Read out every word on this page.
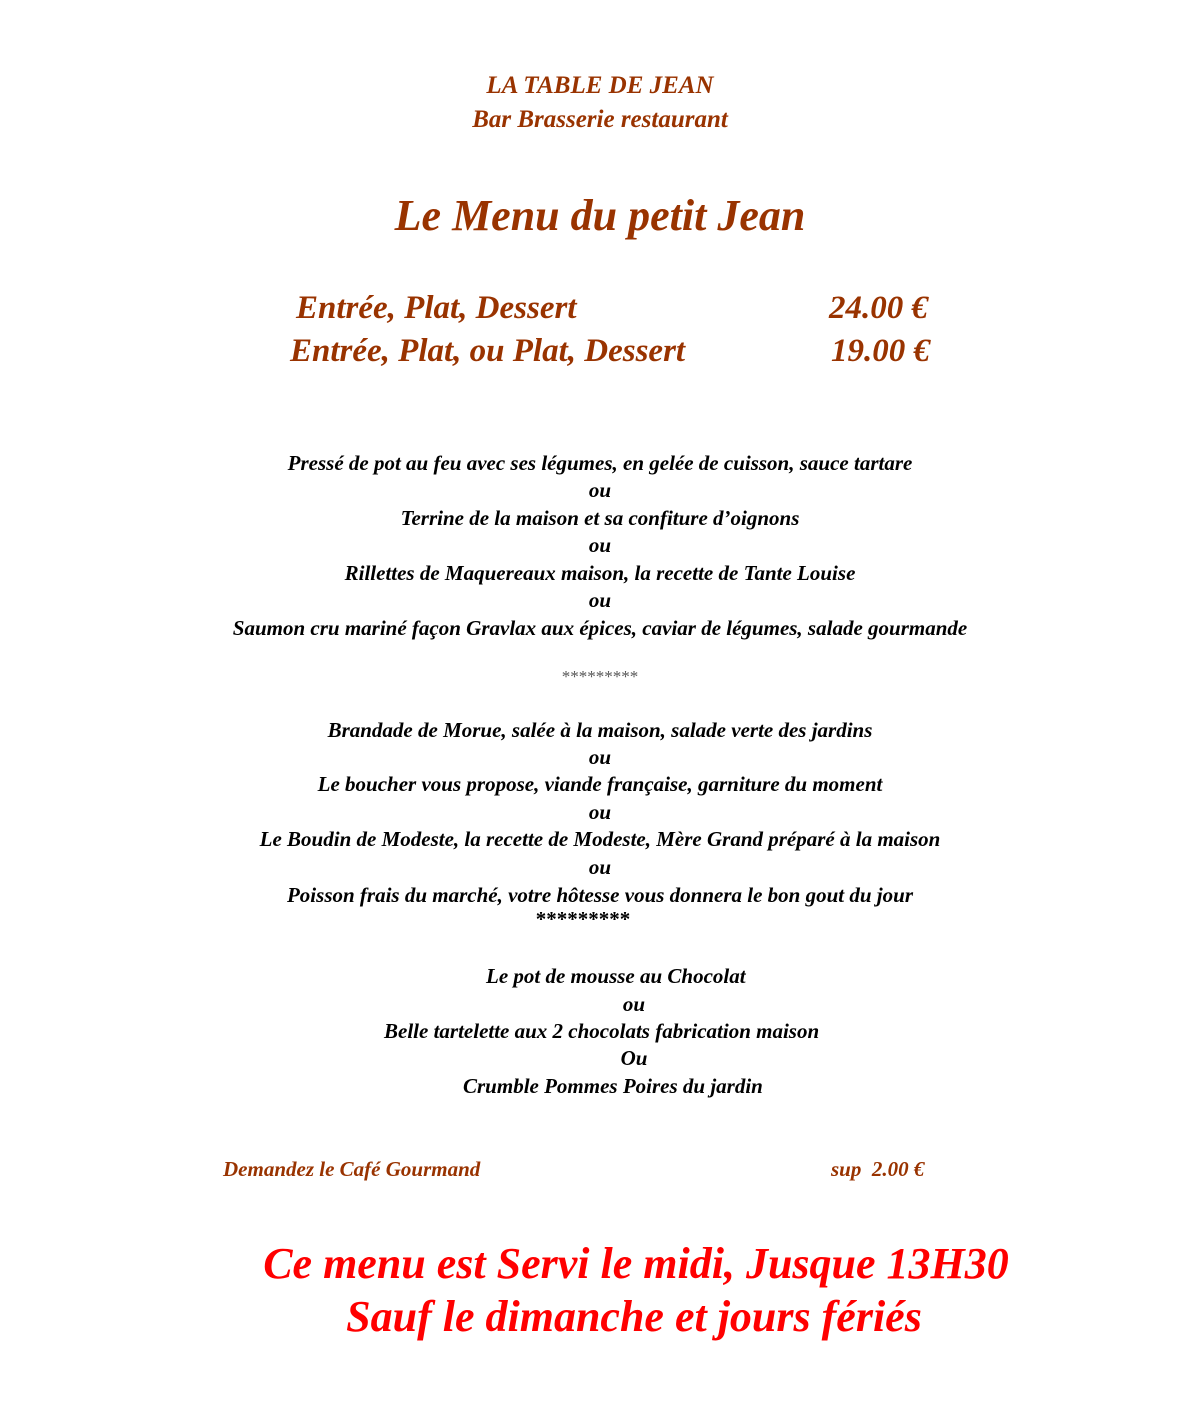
LA TABLE DE JEAN
Bar Brasserie restaurant
Le Menu du petit Jean
Entrée, Plat, Dessert	24.00 €
Entrée, Plat, ou Plat, Dessert	19.00 €
Pressé de pot au feu avec ses légumes, en gelée de cuisson, sauce tartare
ou
Terrine de la maison et sa confiture d’oignons
ou
Rillettes de Maquereaux maison, la recette de Tante Louise
ou
Saumon cru mariné façon Gravlax aux épices, caviar de légumes, salade gourmande
*********
Brandade de Morue, salée à la maison, salade verte des jardins
ou
Le boucher vous propose, viande française, garniture du moment
ou
Le Boudin de Modeste, la recette de Modeste, Mère Grand préparé à la maison
ou
Poisson frais du marché, votre hôtesse vous donnera le bon gout du jour
*********
Le pot de mousse au Chocolat
ou
Belle tartelette aux 2 chocolats fabrication maison
Ou
Crumble Pommes Poires du jardin
Demandez le Café Gourmand	sup  2.00 €
Ce menu est Servi le midi, Jusque 13H30
Sauf le dimanche et jours fériés
